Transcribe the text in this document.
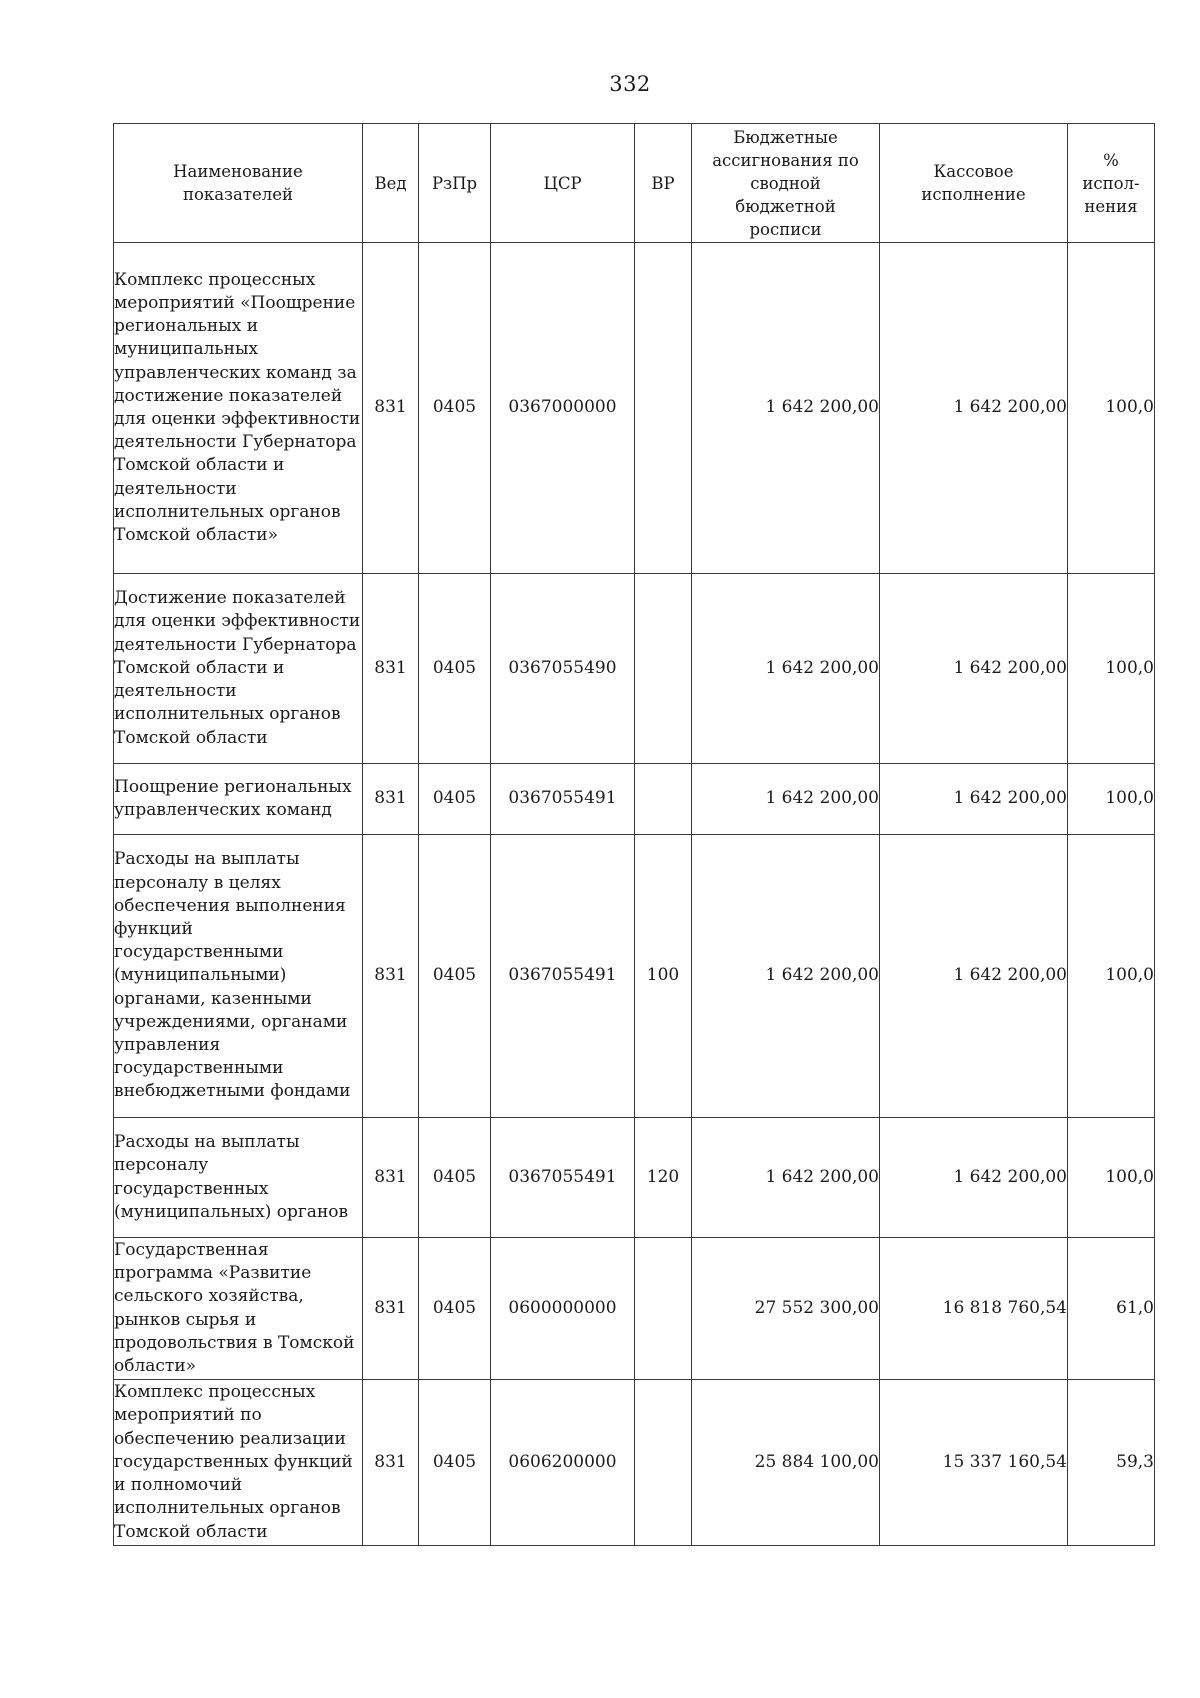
332
Наименование показателей	Вед	РзПр	ЦСР	ВР	Бюджетные ассигнования по сводной бюджетной росписи	Кассовое исполнение	% испол-нения
Комплекс процессных мероприятий «Поощрение региональных и муниципальных управленческих команд за достижение показателей для оценки эффективности деятельности Губернатора Томской области и деятельности исполнительных органов Томской области»	831	0405	0367000000		1 642 200,00	1 642 200,00	100,0
Достижение показателей для оценки эффективности деятельности Губернатора Томской области и деятельности исполнительных органов Томской области	831	0405	0367055490		1 642 200,00	1 642 200,00	100,0
Поощрение региональных управленческих команд	831	0405	0367055491		1 642 200,00	1 642 200,00	100,0
Расходы на выплаты персоналу в целях обеспечения выполнения функций государственными (муниципальными) органами, казенными учреждениями, органами управления государственными внебюджетными фондами	831	0405	0367055491	100	1 642 200,00	1 642 200,00	100,0
Расходы на выплаты персоналу государственных (муниципальных) органов	831	0405	0367055491	120	1 642 200,00	1 642 200,00	100,0
Государственная программа «Развитие сельского хозяйства, рынков сырья и продовольствия в Томской области»	831	0405	0600000000		27 552 300,00	16 818 760,54	61,0
Комплекс процессных мероприятий по обеспечению реализации государственных функций и полномочий исполнительных органов Томской области	831	0405	0606200000		25 884 100,00	15 337 160,54	59,3
